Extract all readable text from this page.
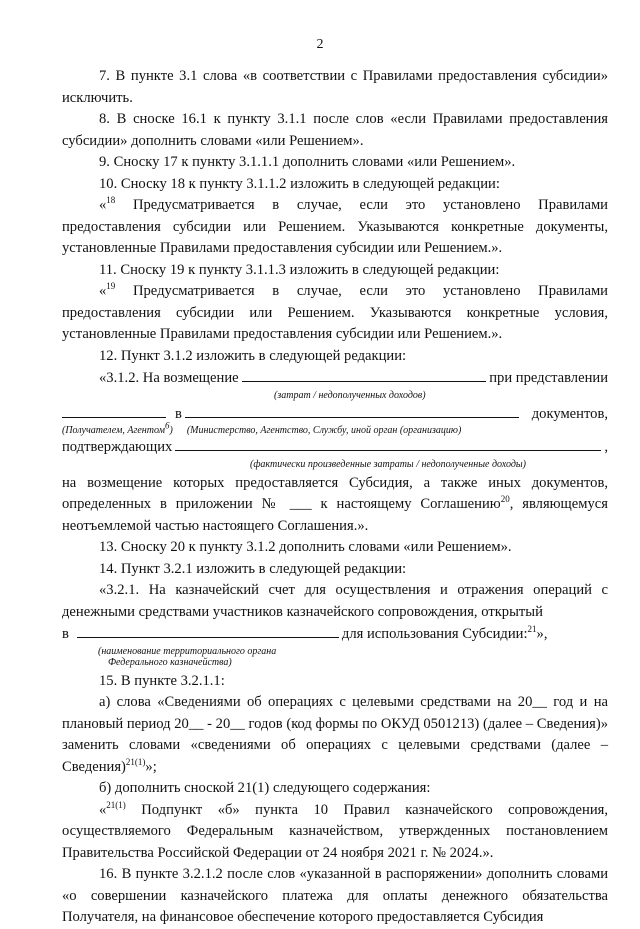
2

7. В пункте 3.1 слова «в соответствии с Правилами предоставления субсидии» исключить.

8. В сноске 16.1 к пункту 3.1.1 после слов «если Правилами предоставления субсидии» дополнить словами «или Решением».

9. Сноску 17 к пункту 3.1.1.1 дополнить словами «или Решением».

10. Сноску 18 к пункту 3.1.1.2 изложить в следующей редакции:

«$^{18}$ Предусматривается в случае, если это установлено Правилами предоставления субсидии или Решением. Указываются конкретные документы, установленные Правилами предоставления субсидии или Решением.».

11. Сноску 19 к пункту 3.1.1.3 изложить в следующей редакции:

«$^{19}$ Предусматривается в случае, если это установлено Правилами предоставления субсидии или Решением. Указываются конкретные условия, установленные Правилами предоставления субсидии или Решением.».

12. Пункт 3.1.2 изложить в следующей редакции:

«3.1.2. На возмещение	при представлении
(затрат / недополученных доходов)
в	документов,
(Получателем, Агентом$^6$) (Министерство, Агентство, Службу, иной орган (организацию)
подтверждающих	,
(фактически произведенные затраты / недополученные доходы)

на возмещение которых предоставляется Субсидия, а также иных документов, определенных в приложении № ___ к настоящему Соглашению$^{20}$, являющемуся неотъемлемой частью настоящего Соглашения.».

13. Сноску 20 к пункту 3.1.2 дополнить словами «или Решением».

14. Пункт 3.2.1 изложить в следующей редакции:

«3.2.1. На казначейский счет для осуществления и отражения операций с денежными средствами участников казначейского сопровождения, открытый

в	для использования Субсидии:$^{21}$»,
(наименование территориального органа
Федерального казначейства)

15. В пункте 3.2.1.1:

а) слова «Сведениями об операциях с целевыми средствами на 20__ год и на плановый период 20__ - 20__ годов (код формы по ОКУД 0501213) (далее – Сведения)» заменить словами «сведениями об операциях с целевыми средствами (далее – Сведения)$^{21(1)}$»;

б) дополнить сноской 21(1) следующего содержания:

«$^{21(1)}$ Подпункт «б» пункта 10 Правил казначейского сопровождения, осуществляемого Федеральным казначейством, утвержденных постановлением Правительства Российской Федерации от 24 ноября 2021 г. № 2024.».

16. В пункте 3.2.1.2 после слов «указанной в распоряжении» дополнить словами «о совершении казначейского платежа для оплаты денежного обязательства Получателя, на финансовое обеспечение которого предоставляется Субсидия
